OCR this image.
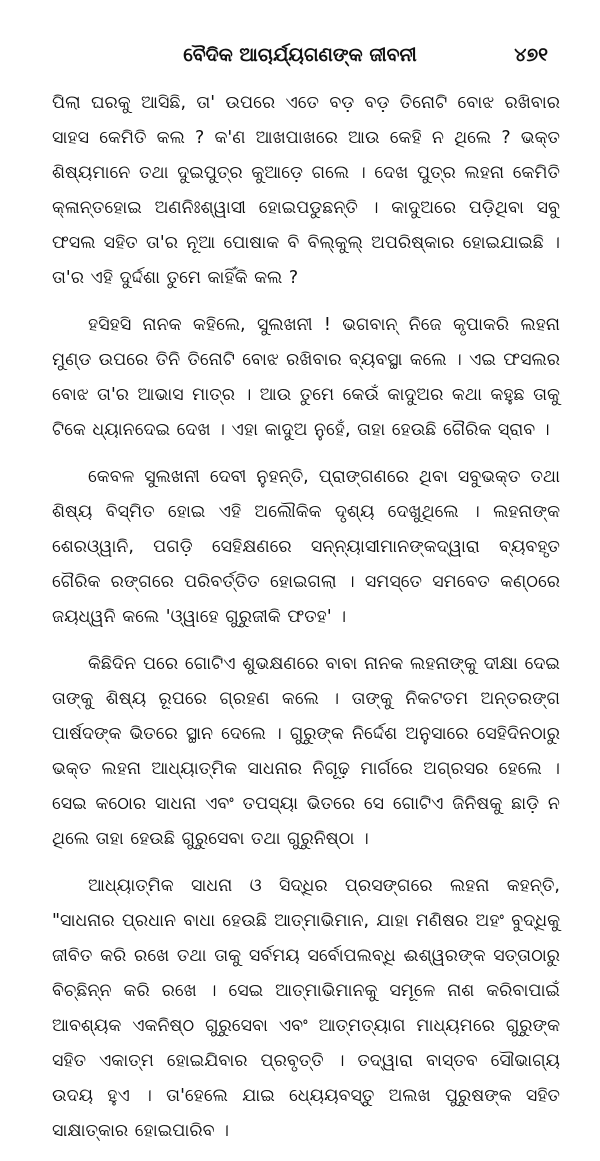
ବୈଦିକ ଆଚାର୍ଯ୍ୟଗଣଙ୍କ ଜୀବନୀ	୪୭୧

ପିଲା ଘରକୁ ଆସିଛି, ତା' ଉପରେ ଏତେ ବଡ଼ ବଡ଼ ତିନୋଟି ବୋଝ ରଖିବାର ସାହସ କେମିତି କଲ ? କ'ଣ ଆଖପାଖରେ ଆଉ କେହି ନ ଥିଲେ ? ଭକ୍ତ ଶିଷ୍ୟମାନେ ତଥା ଦୁଇପୁତ୍ର କୁଆଡ଼େ ଗଲେ । ଦେଖ ପୁତ୍ର ଲହନା କେମିତି କ୍ଳାନ୍ତହୋଇ ଅଣନିଃଶ୍ୱାସୀ ହୋଇପଡୁଛନ୍ତି । କାଦୁଅରେ ପଡ଼ିଥିବା ସବୁ ଫସଲ ସହିତ ତା'ର ନୂଆ ପୋଷାକ ବି ବିଲ୍‌କୁଲ୍ ଅପରିଷ୍କାର ହୋଇଯାଇଛି । ତା'ର ଏହି ଦୁର୍ଦ୍ଦଶା ତୁମେ କାହିଁକି କଲ ?

ହସିହସି ନାନକ କହିଲେ, ସୁଲଖନୀ ! ଭଗବାନ୍ ନିଜେ କୃପାକରି ଲହନା ମୁଣ୍ଡ ଉପରେ ତିନି ତିନୋଟି ବୋଝ ରଖିବାର ବ୍ୟବସ୍ଥା କଲେ । ଏଇ ଫସଲର ବୋଝ ତା'ର ଆଭାସ ମାତ୍ର । ଆଉ ତୁମେ କେଉଁ କାଦୁଅର କଥା କହୁଛ ତାକୁ ଟିକେ ଧ୍ୟାନଦେଇ ଦେଖ । ଏହା କାଦୁଅ ନୁହେଁ, ତାହା ହେଉଛି ଗୈରିକ ସ୍ରାବ ।

କେବଳ ସୁଲଖନୀ ଦେବୀ ନୁହନ୍ତି, ପ୍ରାଙ୍ଗଣରେ ଥିବା ସବୁଭକ୍ତ ତଥା ଶିଷ୍ୟ ବିସ୍ମିତ ହୋଇ ଏହି ଅଲୌକିକ ଦୃଶ୍ୟ ଦେଖୁଥିଲେ । ଲହନାଙ୍କ ଶେରଓ୍ୱାନି, ପଗଡ଼ି ସେହିକ୍ଷଣରେ ସନ୍ନ୍ୟାସୀମାନଙ୍କଦ୍ୱାରା ବ୍ୟବହୃତ ଗୈରିକ ରଙ୍ଗରେ ପରିବର୍ତ୍ତିତ ହୋଇଗଲା । ସମସ୍ତେ ସମବେତ କଣ୍ଠରେ ଜୟଧ୍ୱନି କଲେ 'ଓ୍ୱାହେ ଗୁରୁଜୀକି ଫତହ' ।

କିଛିଦିନ ପରେ ଗୋଟିଏ ଶୁଭକ୍ଷଣରେ ବାବା ନାନକ ଲହନାଙ୍କୁ ଦୀକ୍ଷା ଦେଇ ତାଙ୍କୁ ଶିଷ୍ୟ ରୂପରେ ଗ୍ରହଣ କଲେ । ତାଙ୍କୁ ନିକଟତମ ଅନ୍ତରଙ୍ଗ ପାର୍ଷଦଙ୍କ ଭିତରେ ସ୍ଥାନ ଦେଲେ । ଗୁରୁଙ୍କ ନିର୍ଦ୍ଦେଶ ଅନୁସାରେ ସେହିଦିନଠାରୁ ଭକ୍ତ ଲହନା ଆଧ୍ୟାତ୍ମିକ ସାଧନାର ନିଗୂଢ଼ ମାର୍ଗରେ ଅଗ୍ରସର ହେଲେ । ସେଇ କଠୋର ସାଧନା ଏବଂ ତପସ୍ୟା ଭିତରେ ସେ ଗୋଟିଏ ଜିନିଷକୁ ଛାଡ଼ି ନ ଥିଲେ ତାହା ହେଉଛି ଗୁରୁସେବା ତଥା ଗୁରୁନିଷ୍ଠା ।

ଆଧ୍ୟାତ୍ମିକ ସାଧନା ଓ ସିଦ୍ଧିର ପ୍ରସଙ୍ଗରେ ଲହନା କହନ୍ତି, "ସାଧନାର ପ୍ରଧାନ ବାଧା ହେଉଛି ଆତ୍ମାଭିମାନ, ଯାହା ମଣିଷର ଅହଂ ବୁଦ୍ଧିକୁ ଜୀବିତ କରି ରଖେ ତଥା ତାକୁ ସର୍ବମୟ ସର୍ବୋପଲବ୍ଧି ଈଶ୍ୱରଙ୍କ ସତ୍ତାଠାରୁ ବିଚ୍ଛିନ୍ନ କରି ରଖେ । ସେଇ ଆତ୍ମାଭିମାନକୁ ସମୂଳେ ନାଶ କରିବାପାଇଁ ଆବଶ୍ୟକ ଏକନିଷ୍ଠ ଗୁରୁସେବା ଏବଂ ଆତ୍ମତ୍ୟାଗ ମାଧ୍ୟମରେ ଗୁରୁଙ୍କ ସହିତ ଏକାତ୍ମ ହୋଇଯିବାର ପ୍ରବୃତ୍ତି । ତଦ୍ୱାରା ବାସ୍ତବ ସୌଭାଗ୍ୟ ଉଦୟ ହୁଏ । ତା'ହେଲେ ଯାଇ ଧ୍ୟେୟବସ୍ତୁ ଅଲଖ ପୁରୁଷଙ୍କ ସହିତ ସାକ୍ଷାତ୍କାର ହୋଇପାରିବ ।
